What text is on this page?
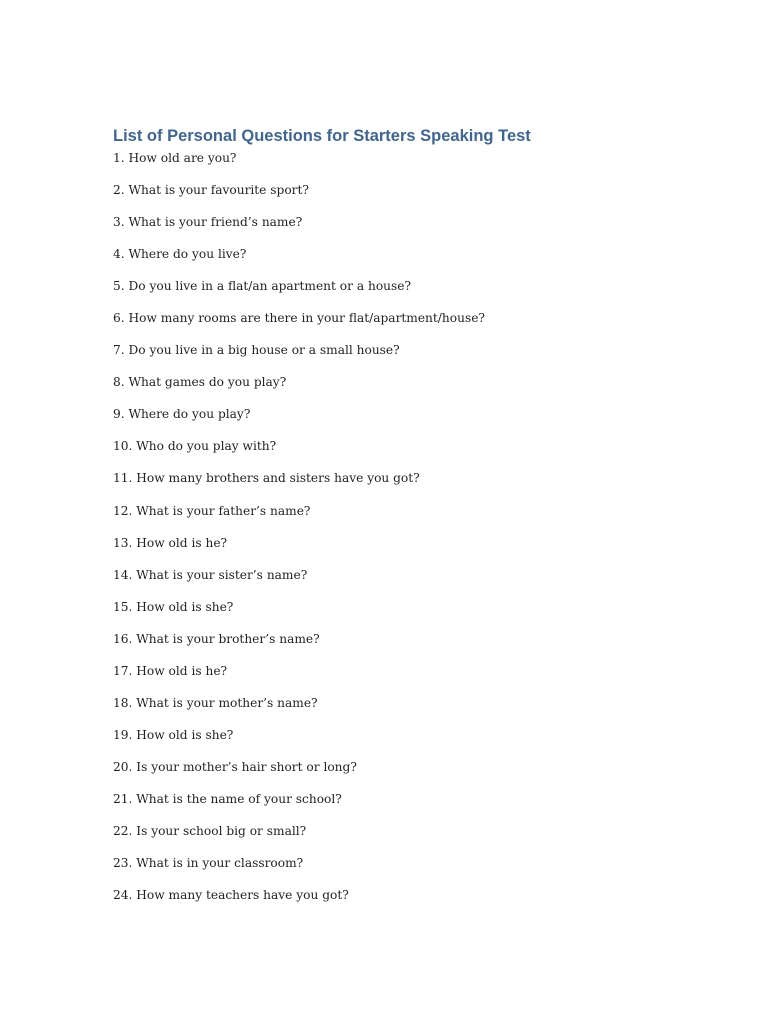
List of Personal Questions for Starters Speaking Test
1. How old are you?
2. What is your favourite sport?
3. What is your friend’s name?
4. Where do you live?
5. Do you live in a flat/an apartment or a house?
6. How many rooms are there in your flat/apartment/house?
7. Do you live in a big house or a small house?
8. What games do you play?
9. Where do you play?
10. Who do you play with?
11. How many brothers and sisters have you got?
12. What is your father’s name?
13. How old is he?
14. What is your sister’s name?
15. How old is she?
16. What is your brother’s name?
17. How old is he?
18. What is your mother’s name?
19. How old is she?
20. Is your mother’s hair short or long?
21. What is the name of your school?
22. Is your school big or small?
23. What is in your classroom?
24. How many teachers have you got?
